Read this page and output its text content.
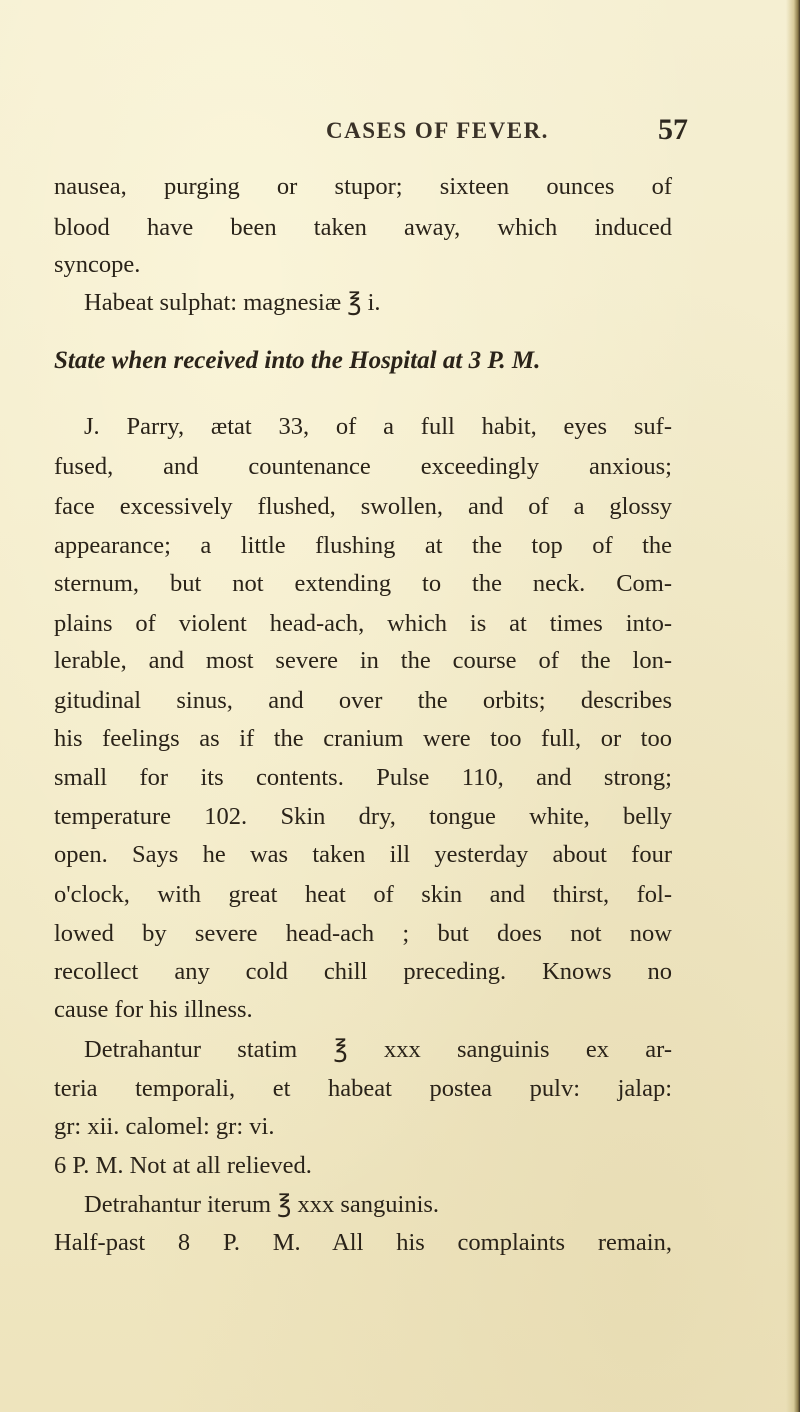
CASES OF FEVER.	57
nausea, purging or stupor; sixteen ounces of
blood have been taken away, which induced
syncope.
Habeat sulphat: magnesiæ ℥ i.
State when received into the Hospital at 3 P. M.
J. Parry, ætat 33, of a full habit, eyes suf-
fused, and countenance exceedingly anxious;
face excessively flushed, swollen, and of a glossy
appearance; a little flushing at the top of the
sternum, but not extending to the neck. Com-
plains of violent head-ach, which is at times into-
lerable, and most severe in the course of the lon-
gitudinal sinus, and over the orbits; describes
his feelings as if the cranium were too full, or too
small for its contents. Pulse 110, and strong;
temperature 102. Skin dry, tongue white, belly
open. Says he was taken ill yesterday about four
o'clock, with great heat of skin and thirst, fol-
lowed by severe head-ach ; but does not now
recollect any cold chill preceding. Knows no
cause for his illness.
Detrahantur statim ℥ xxx sanguinis ex ar-
teria temporali, et habeat postea pulv: jalap:
gr: xii. calomel: gr: vi.
6 P. M. Not at all relieved.
Detrahantur iterum ℥ xxx sanguinis.
Half-past 8 P. M. All his complaints remain,
